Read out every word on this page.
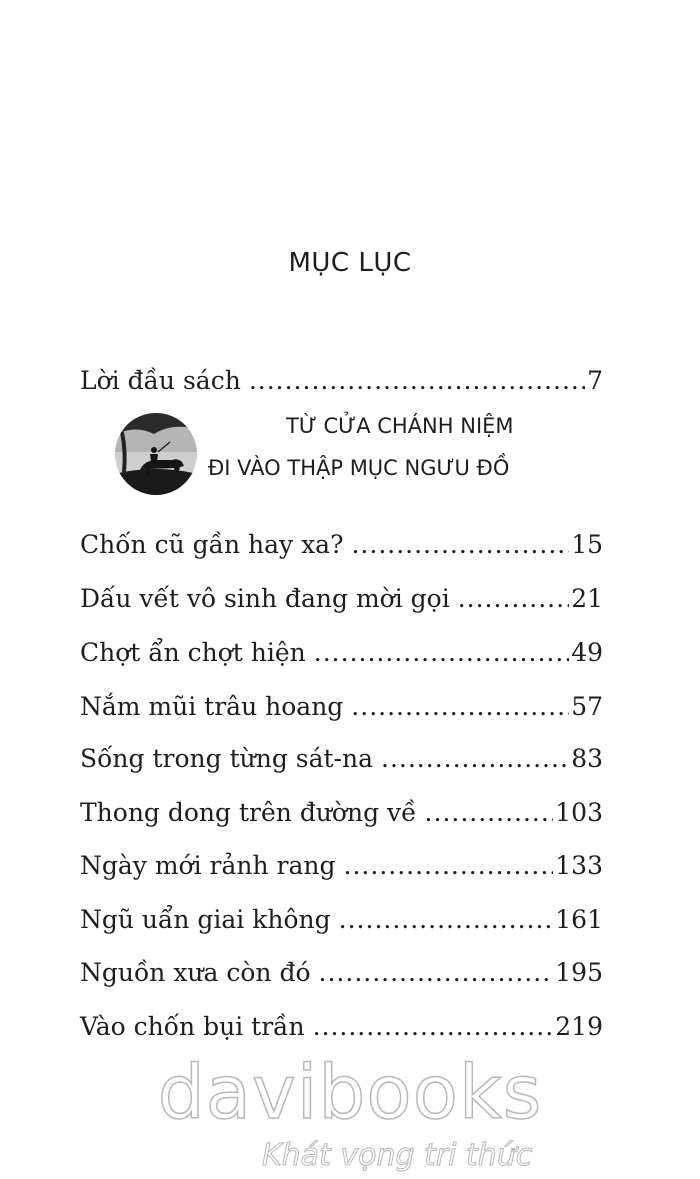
MỤC LỤC
Lời đầu sách .....	7
TỪ CỬA CHÁNH NIỆM
ĐI VÀO THẬP MỤC NGƯU ĐỒ
Chốn cũ gần hay xa? .....	15
Dấu vết vô sinh đang mời gọi .....	21
Chợt ẩn chợt hiện .....	49
Nắm mũi trâu hoang .....	57
Sống trong từng sát-na .....	83
Thong dong trên đường về .....	103
Ngày mới rảnh rang .....	133
Ngũ uẩn giai không .....	161
Nguồn xưa còn đó .....	195
Vào chốn bụi trần .....	219
davibooks
Khát vọng tri thức
